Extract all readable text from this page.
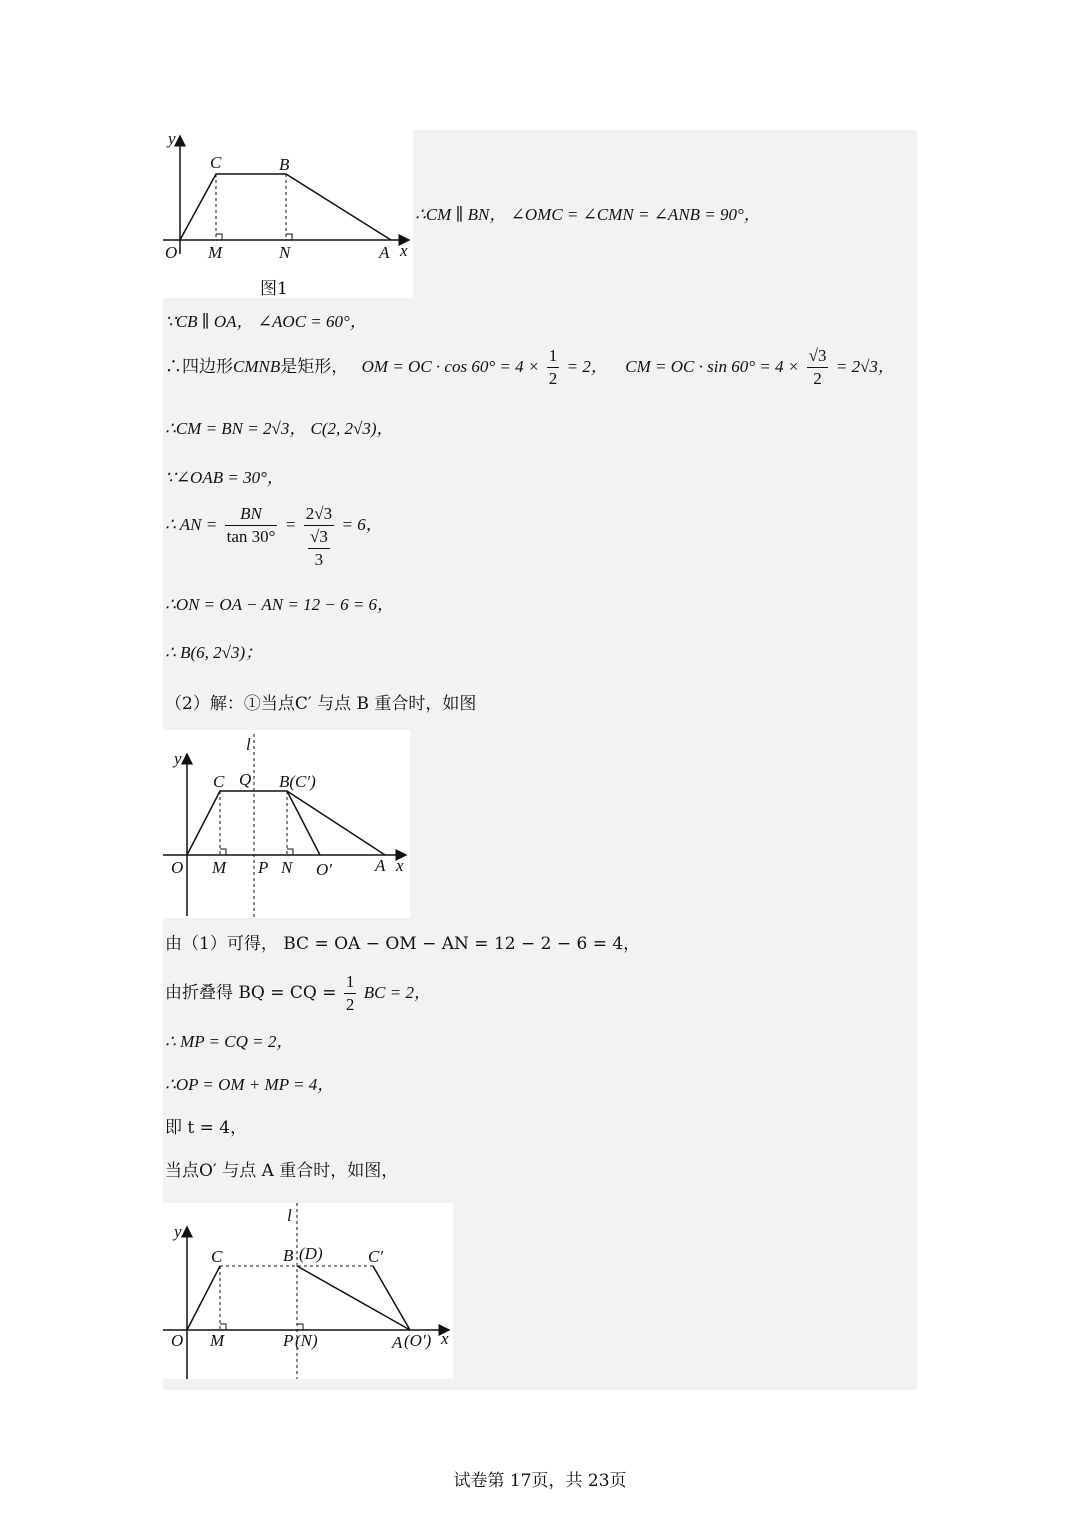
y
x
O
C	B
M	N	A
图1
∴CM ∥ BN， ∠OMC = ∠CMN = ∠ANB = 90°，
∵CB ∥ OA， ∠AOC = 60°，
∴四边形CMNB是矩形， OM = OC · $\cos 60^\circ = 4 \times \frac{1}{2} = 2$， CM = OC · $\sin 60^\circ = 4 \times \frac{√3}{2} = 2√3$，
∴CM = BN = 2√3， C(2, 2√3)，
∵∠OAB = 30°，
∴ AN = $\frac{BN}{\tan 30^\circ} = \frac{2√3}{\frac{√3}{3}} = 6$，
∴ON = OA − AN = 12 − 6 = 6，
∴ B(6, 2√3)；
（2）解：①当点C′ 与点 B 重合时，如图
y
x
O
C Q B(C′)
M P N O′	A
l
由（1）可得， BC = OA − OM − AN = 12 − 2 − 6 = 4，
由折叠得 BQ = CQ = $\frac{1}{2}$ BC = 2，
∴ MP = CQ = 2，
∴OP = OM + MP = 4，
即 t = 4，
当点O′ 与点 A 重合时，如图，
y
x
O
C	B (D)	C′
M	P (N)	A (O′)
l
试卷第 17页，共 23页
